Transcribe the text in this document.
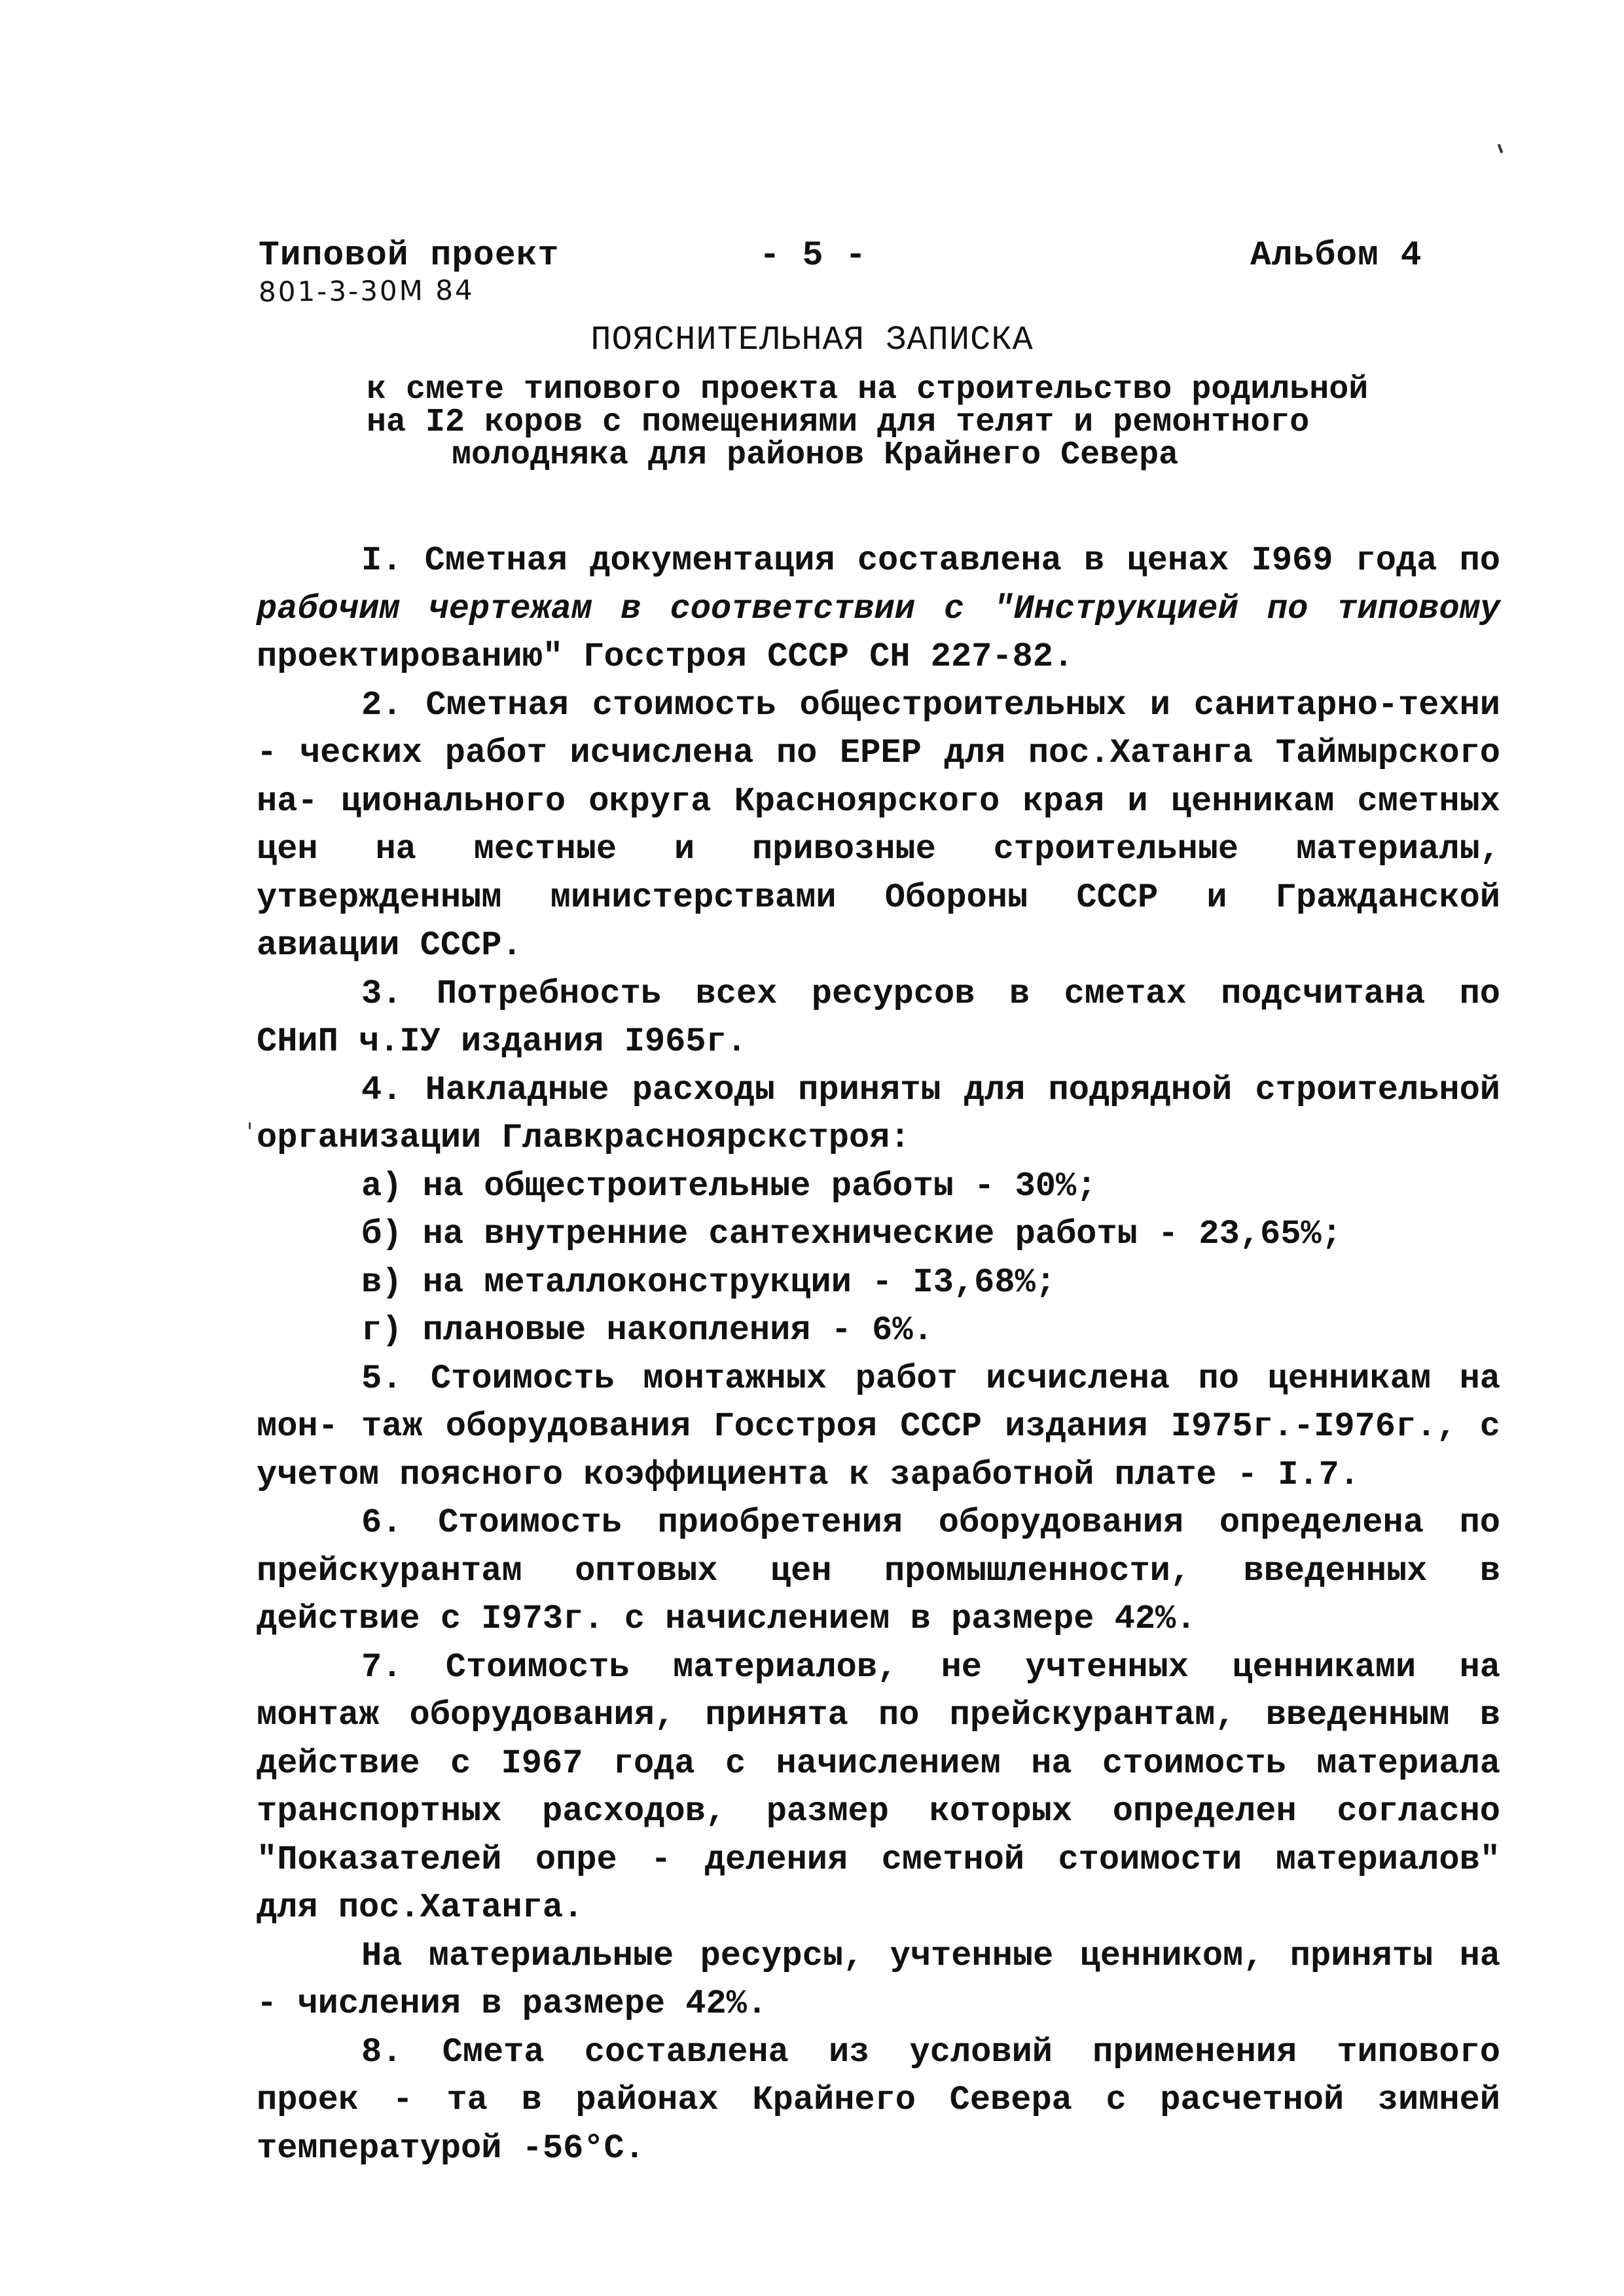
Типовой проект	- 5 -	Альбом 4
801-3-30М 84
ПОЯСНИТЕЛЬНАЯ ЗАПИСКА
к смете типового проекта на строительство родильной
на I2 коров с помещениями для телят и ремонтного
молодняка для районов Крайнего Севера

I. Сметная документация составлена в ценах I969 года по рабочим чертежам в соответствии с "Инструкцией по типовому проектированию" Госстроя СССР СН 227-82.

2. Сметная стоимость общестроительных и санитарно-техни - ческих работ исчислена по ЕРЕР для пос.Хатанга Таймырского на- ционального округа Красноярского края и ценникам сметных цен на местные и привозные строительные материалы, утвержденным министерствами Обороны СССР и Гражданской авиации СССР.

3. Потребность всех ресурсов в сметах подсчитана по СНиП ч.IУ издания I965г.

4. Накладные расходы приняты для подрядной строительной организации Главкрасноярскстроя:

а) на общестроительные работы - 30%;

б) на внутренние сантехнические работы - 23,65%;

в) на металлоконструкции - I3,68%;

г) плановые накопления - 6%.

5. Стоимость монтажных работ исчислена по ценникам на мон- таж оборудования Госстроя СССР издания I975г.-I976г., с учетом поясного коэффициента к заработной плате - I.7.

6. Стоимость приобретения оборудования определена по прейскурантам оптовых цен промышленности, введенных в действие с I973г. с начислением в размере 42%.

7. Стоимость материалов, не учтенных ценниками на монтаж оборудования, принята по прейскурантам, введенным в действие с I967 года с начислением на стоимость материала транспортных расходов, размер которых определен согласно "Показателей опре - деления сметной стоимости материалов" для пос.Хатанга.

На материальные ресурсы, учтенные ценником, приняты на - числения в размере 42%.

8. Смета составлена из условий применения типового проек - та в районах Крайнего Севера с расчетной зимней температурой -56°С.
